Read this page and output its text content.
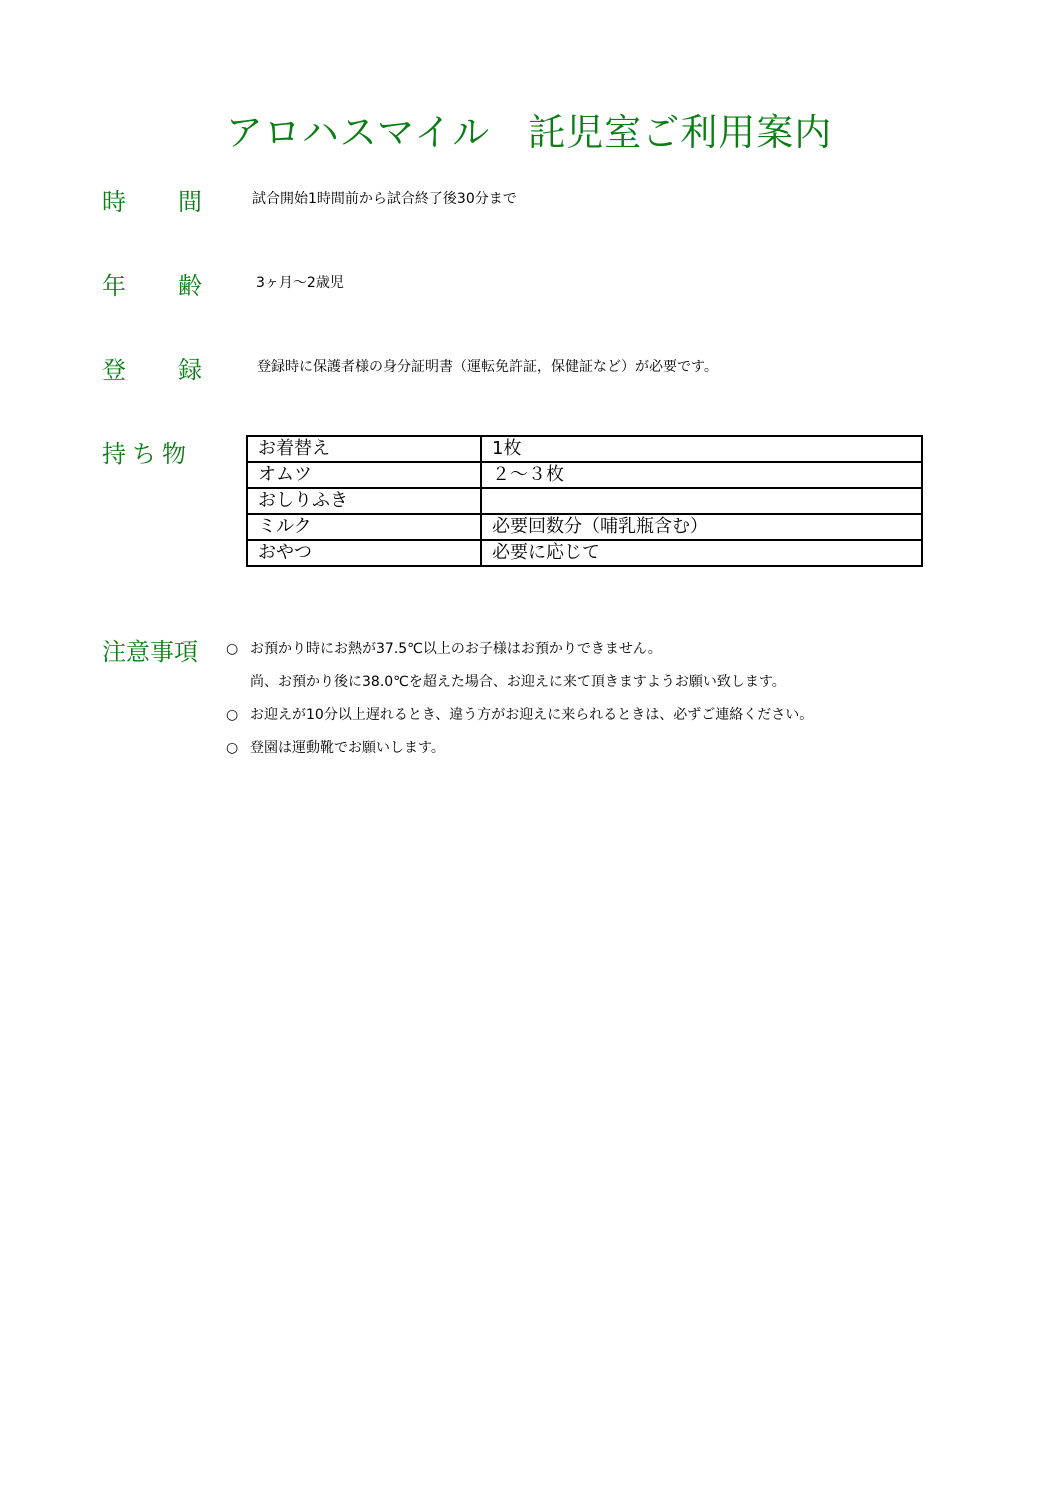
アロハスマイル　託児室ご利用案内
時 間	試合開始1時間前から試合終了後30分まで
年 齢	3ヶ月～2歳児
登 録	登録時に保護者様の身分証明書（運転免許証，保健証など）が必要です。
持ち物	お着替え	1枚
オムツ	２～３枚
おしりふき	
ミルク	必要回数分（哺乳瓶含む）
おやつ	必要に応じて
注意事項 ○ お預かり時にお熱が37.5℃以上のお子様はお預かりできません。
尚、お預かり後に38.0℃を超えた場合、お迎えに来て頂きますようお願い致します。
○ お迎えが10分以上遅れるとき、違う方がお迎えに来られるときは、必ずご連絡ください。
○ 登園は運動靴でお願いします。
